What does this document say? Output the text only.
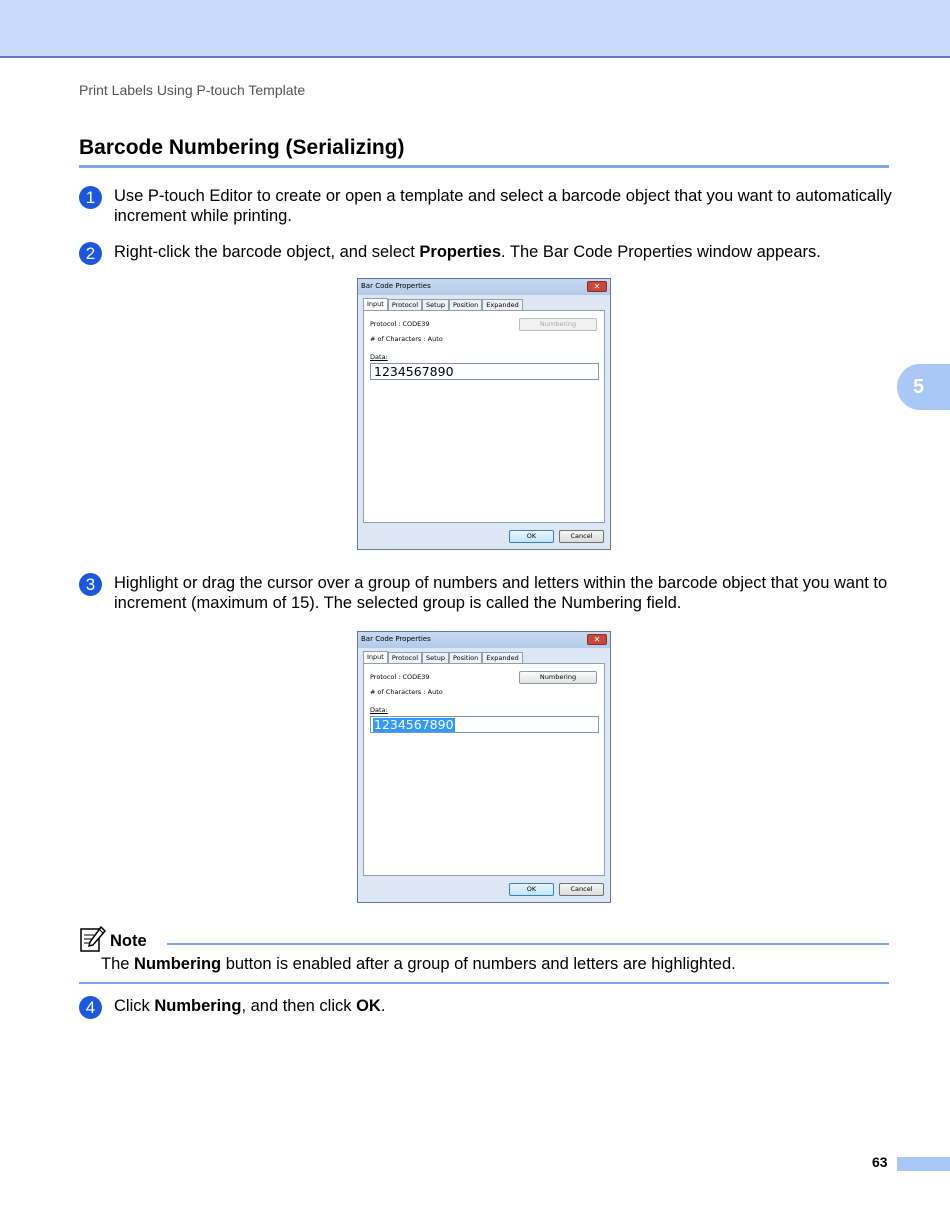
Print Labels Using P-touch Template
Barcode Numbering (Serializing)
5
1	Use P-touch Editor to create or open a template and select a barcode object that you want to automatically increment while printing.
2	Right-click the barcode object, and select Properties. The Bar Code Properties window appears.
Bar Code Properties	✕
Input	Protocol	Setup	Position	Expanded
Protocol : CODE39	Numbering
# of Characters : Auto
Data:
1234567890
OK	Cancel
3	Highlight or drag the cursor over a group of numbers and letters within the barcode object that you want to increment (maximum of 15). The selected group is called the Numbering field.
Bar Code Properties	✕
Input	Protocol	Setup	Position	Expanded
Protocol : CODE39	Numbering
# of Characters : Auto
Data:
1234567890
OK	Cancel
Note
The Numbering button is enabled after a group of numbers and letters are highlighted.
4	Click Numbering, and then click OK.
63
